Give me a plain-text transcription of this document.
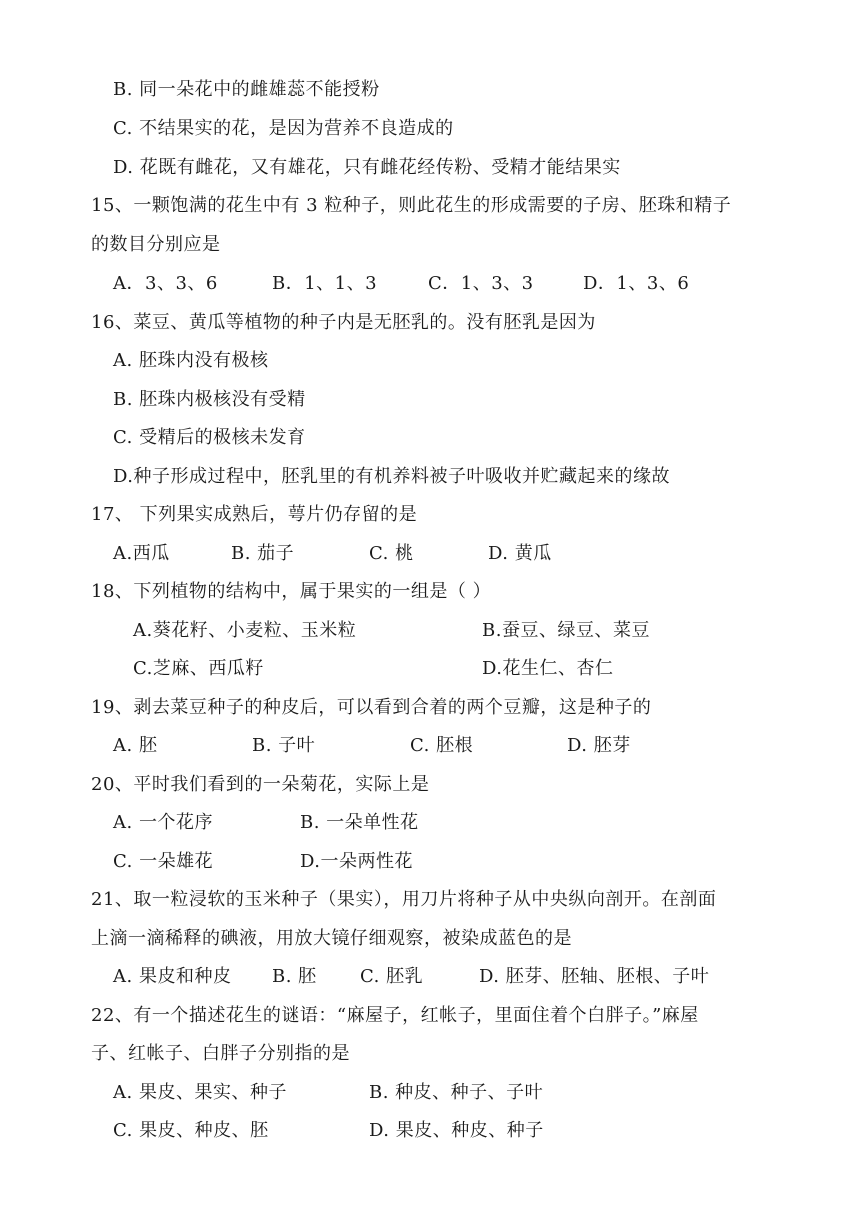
B. 同一朵花中的雌雄蕊不能授粉
C. 不结果实的花，是因为营养不良造成的
D. 花既有雌花，又有雄花，只有雌花经传粉、受精才能结果实
15、一颗饱满的花生中有 3 粒种子，则此花生的形成需要的子房、胚珠和精子
的数目分别应是
A．3、3、6	B．1、1、3	C．1、3、3	D．1、3、6
16、菜豆、黄瓜等植物的种子内是无胚乳的。没有胚乳是因为
A. 胚珠内没有极核
B. 胚珠内极核没有受精
C. 受精后的极核未发育
D.种子形成过程中，胚乳里的有机养料被子叶吸收并贮藏起来的缘故
17、 下列果实成熟后，萼片仍存留的是
A.西瓜	B. 茄子	C. 桃	D. 黄瓜
18、下列植物的结构中，属于果实的一组是（ ）
A.葵花籽、小麦粒、玉米粒	B.蚕豆、绿豆、菜豆
C.芝麻、西瓜籽	D.花生仁、杏仁
19、剥去菜豆种子的种皮后，可以看到合着的两个豆瓣，这是种子的
A. 胚	B. 子叶	C. 胚根	D. 胚芽
20、平时我们看到的一朵菊花，实际上是
A. 一个花序	B. 一朵单性花
C. 一朵雄花	D.一朵两性花
21、取一粒浸软的玉米种子（果实），用刀片将种子从中央纵向剖开。在剖面
上滴一滴稀释的碘液，用放大镜仔细观察，被染成蓝色的是
A. 果皮和种皮 B. 胚 C. 胚乳	D. 胚芽、胚轴、胚根、子叶
22、有一个描述花生的谜语：“麻屋子，红帐子，里面住着个白胖子。”麻屋
子、红帐子、白胖子分别指的是
A. 果皮、果实、种子	B. 种皮、种子、子叶
C. 果皮、种皮、胚	D. 果皮、种皮、种子
